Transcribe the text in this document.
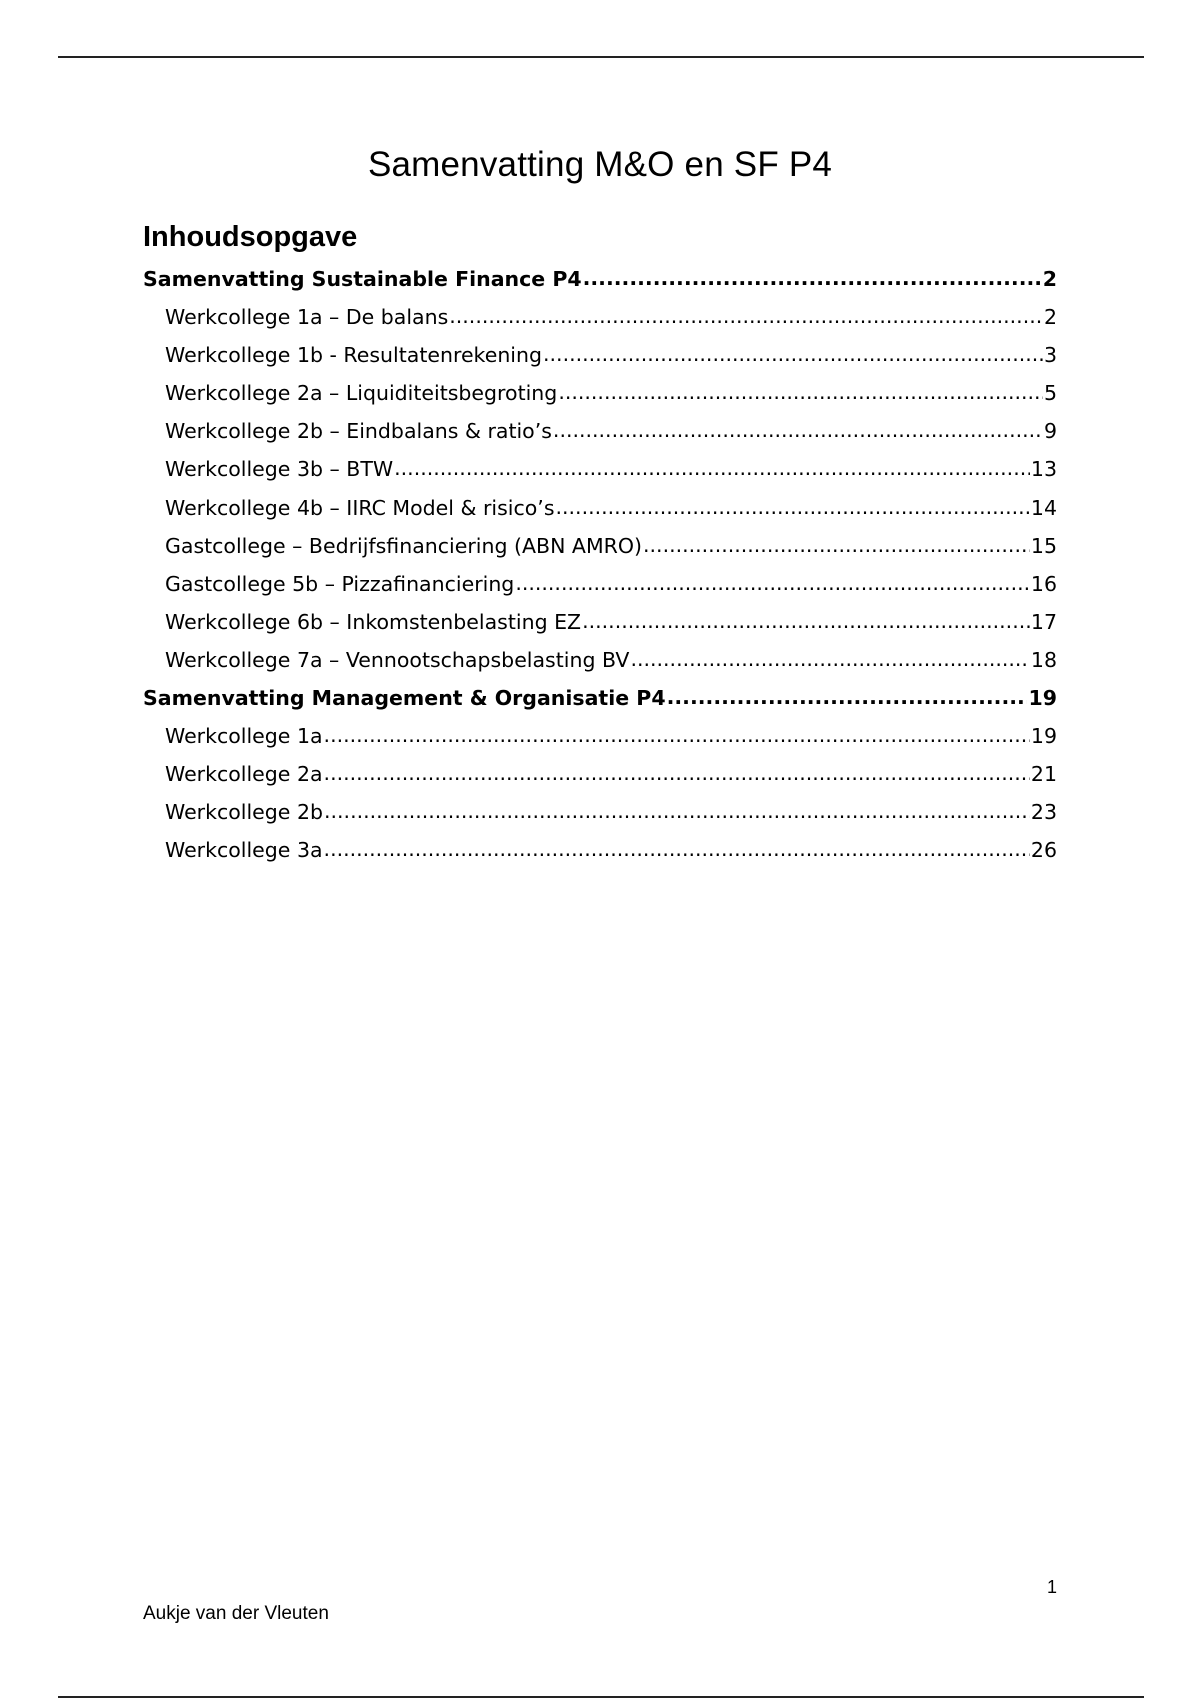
Samenvatting M&O en SF P4
Inhoudsopgave
Samenvatting Sustainable Finance P4 .....	2
Werkcollege 1a – De balans .....	2
Werkcollege 1b - Resultatenrekening .....	3
Werkcollege 2a – Liquiditeitsbegroting .....	5
Werkcollege 2b – Eindbalans & ratio’s .....	9
Werkcollege 3b – BTW .....	13
Werkcollege 4b – IIRC Model & risico’s .....	14
Gastcollege – Bedrijfsfinanciering (ABN AMRO) .....	15
Gastcollege 5b – Pizzafinanciering .....	16
Werkcollege 6b – Inkomstenbelasting EZ .....	17
Werkcollege 7a – Vennootschapsbelasting BV .....	18
Samenvatting Management & Organisatie P4 .....	19
Werkcollege 1a .....	19
Werkcollege 2a .....	21
Werkcollege 2b .....	23
Werkcollege 3a .....	26
1
Aukje van der Vleuten
